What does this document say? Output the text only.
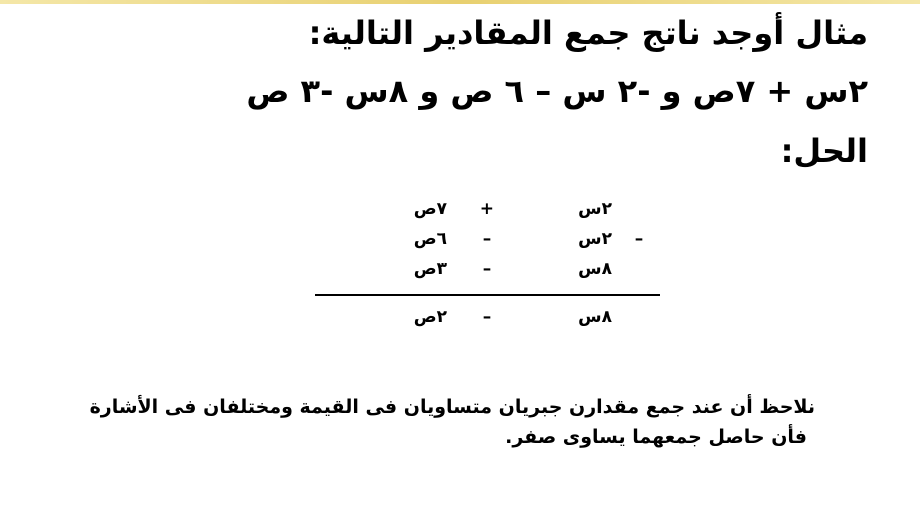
مثال أوجد ناتج جمع المقادير التالية:
٢س + ٧ص و -٢ س – ٦ ص و ٨س -٣ ص
الحل:
٢س
+
٧ص
–
٢س
–
٦ص
٨س
–
٣ص
٨س
–
٢ص
نلاحظ أن عند جمع مقدارن جبريان متساويان فى القيمة ومختلفان فى الأشارة
فأن حاصل جمعهما يساوى صفر.
